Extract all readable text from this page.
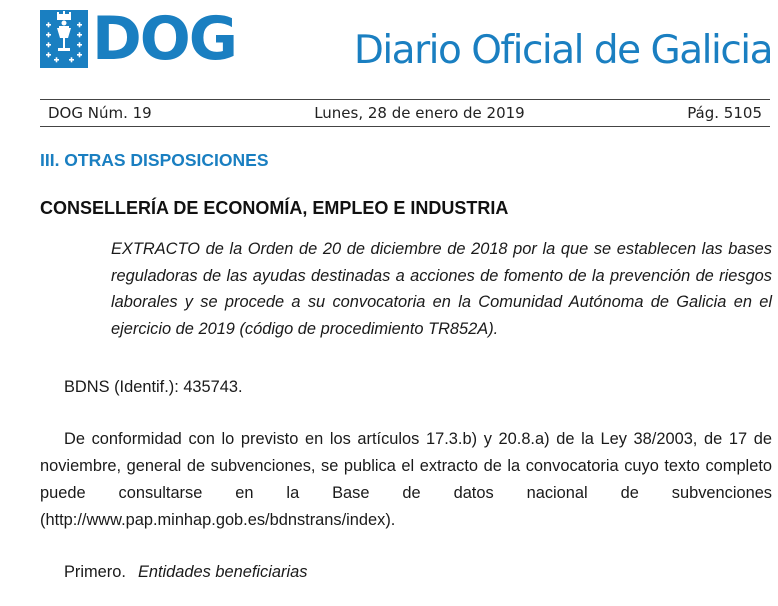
DOG	Diario Oficial de Galicia
DOG Núm. 19	Lunes, 28 de enero de 2019	Pág. 5105
III. OTRAS DISPOSICIONES
CONSELLERÍA DE ECONOMÍA, EMPLEO E INDUSTRIA
EXTRACTO de la Orden de 20 de diciembre de 2018 por la que se establecen las bases reguladoras de las ayudas destinadas a acciones de fomento de la prevención de riesgos laborales y se procede a su convocatoria en la Comunidad Autónoma de Galicia en el ejercicio de 2019 (código de procedimiento TR852A).
BDNS (Identif.): 435743.
De conformidad con lo previsto en los artículos 17.3.b) y 20.8.a) de la Ley 38/2003, de 17 de noviembre, general de subvenciones, se publica el extracto de la convocatoria cuyo texto completo puede consultarse en la Base de datos nacional de subvenciones (http://www.pap.minhap.gob.es/bdnstrans/index).
Primero. Entidades beneficiarias
